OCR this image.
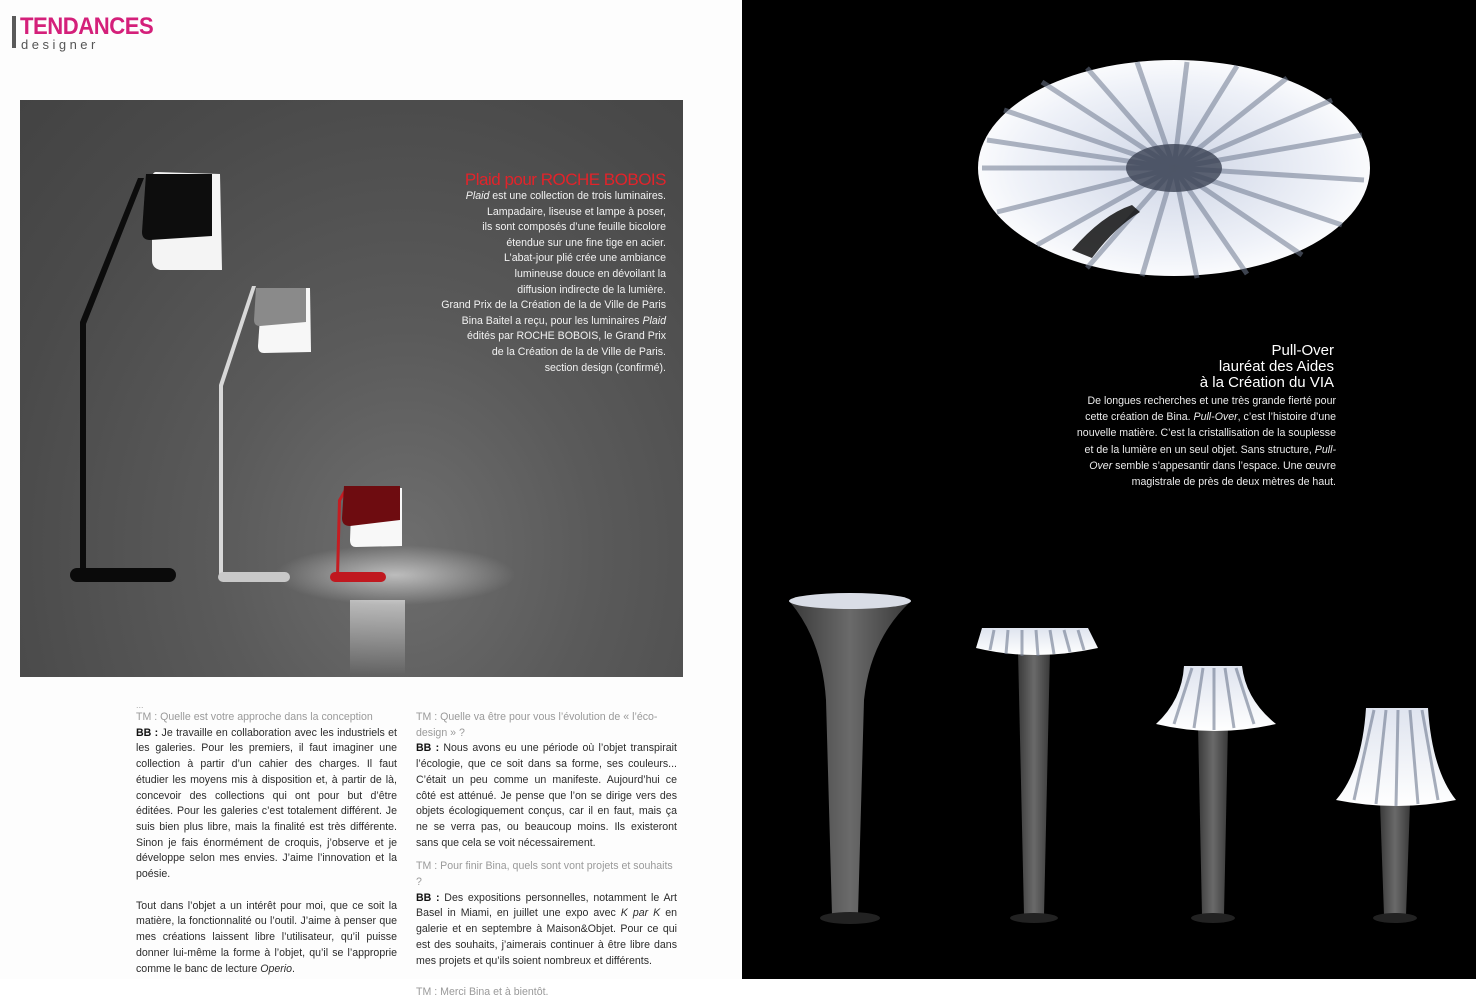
TENDANCES
designer
Plaid pour ROCHE BOBOIS
Plaid est une collection de trois luminaires.
Lampadaire, liseuse et lampe à poser,
ils sont composés d’une feuille bicolore
étendue sur une fine tige en acier.
L’abat-jour plié crée une ambiance
lumineuse douce en dévoilant la
diffusion indirecte de la lumière.
Grand Prix de la Création de la de Ville de Paris
Bina Baitel a reçu, pour les luminaires Plaid
édités par ROCHE BOBOIS, le Grand Prix
de la Création de la de Ville de Paris.
section design (confirmé).
...

TM : Quelle est votre approche dans la conception

BB : Je travaille en collaboration avec les industriels et les galeries. Pour les premiers, il faut imaginer une collection à partir d’un cahier des charges. Il faut étudier les moyens mis à disposition et, à partir de là, concevoir des collections qui ont pour but d’être éditées. Pour les galeries c’est totalement différent. Je suis bien plus libre, mais la finalité est très différente. Sinon je fais énormément de croquis, j’observe et je développe selon mes envies. J’aime l’innovation et la poésie.

Tout dans l’objet a un intérêt pour moi, que ce soit la matière, la fonctionnalité ou l’outil. J’aime à penser que mes créations laissent libre l’utilisateur, qu’il puisse donner lui-même la forme à l’objet, qu’il se l’approprie comme le banc de lecture Operio.

TM : Quelle va être pour vous l’évolution de « l’éco-design » ?

BB : Nous avons eu une période où l’objet transpirait l’écologie, que ce soit dans sa forme, ses couleurs... C’était un peu comme un manifeste. Aujourd’hui ce côté est atténué. Je pense que l’on se dirige vers des objets écologiquement conçus, car il en faut, mais ça ne se verra pas, ou beaucoup moins. Ils existeront sans que cela se voit nécessairement.

TM : Pour finir Bina, quels sont vont projets et souhaits ?

BB : Des expositions personnelles, notamment le Art Basel in Miami, en juillet une expo avec K par K en galerie et en septembre à Maison&Objet. Pour ce qui est des souhaits, j’aimerais continuer à être libre dans mes projets et qu’ils soient nombreux et différents.

TM : Merci Bina et à bientôt.

Pull-Over
lauréat des Aides
à la Création du VIA
De longues recherches et une très grande fierté pour cette création de Bina. Pull-Over, c’est l’histoire d’une nouvelle matière. C’est la cristallisation de la souplesse et de la lumière en un seul objet. Sans structure, Pull-Over semble s’appesantir dans l’espace. Une œuvre magistrale de près de deux mètres de haut.
